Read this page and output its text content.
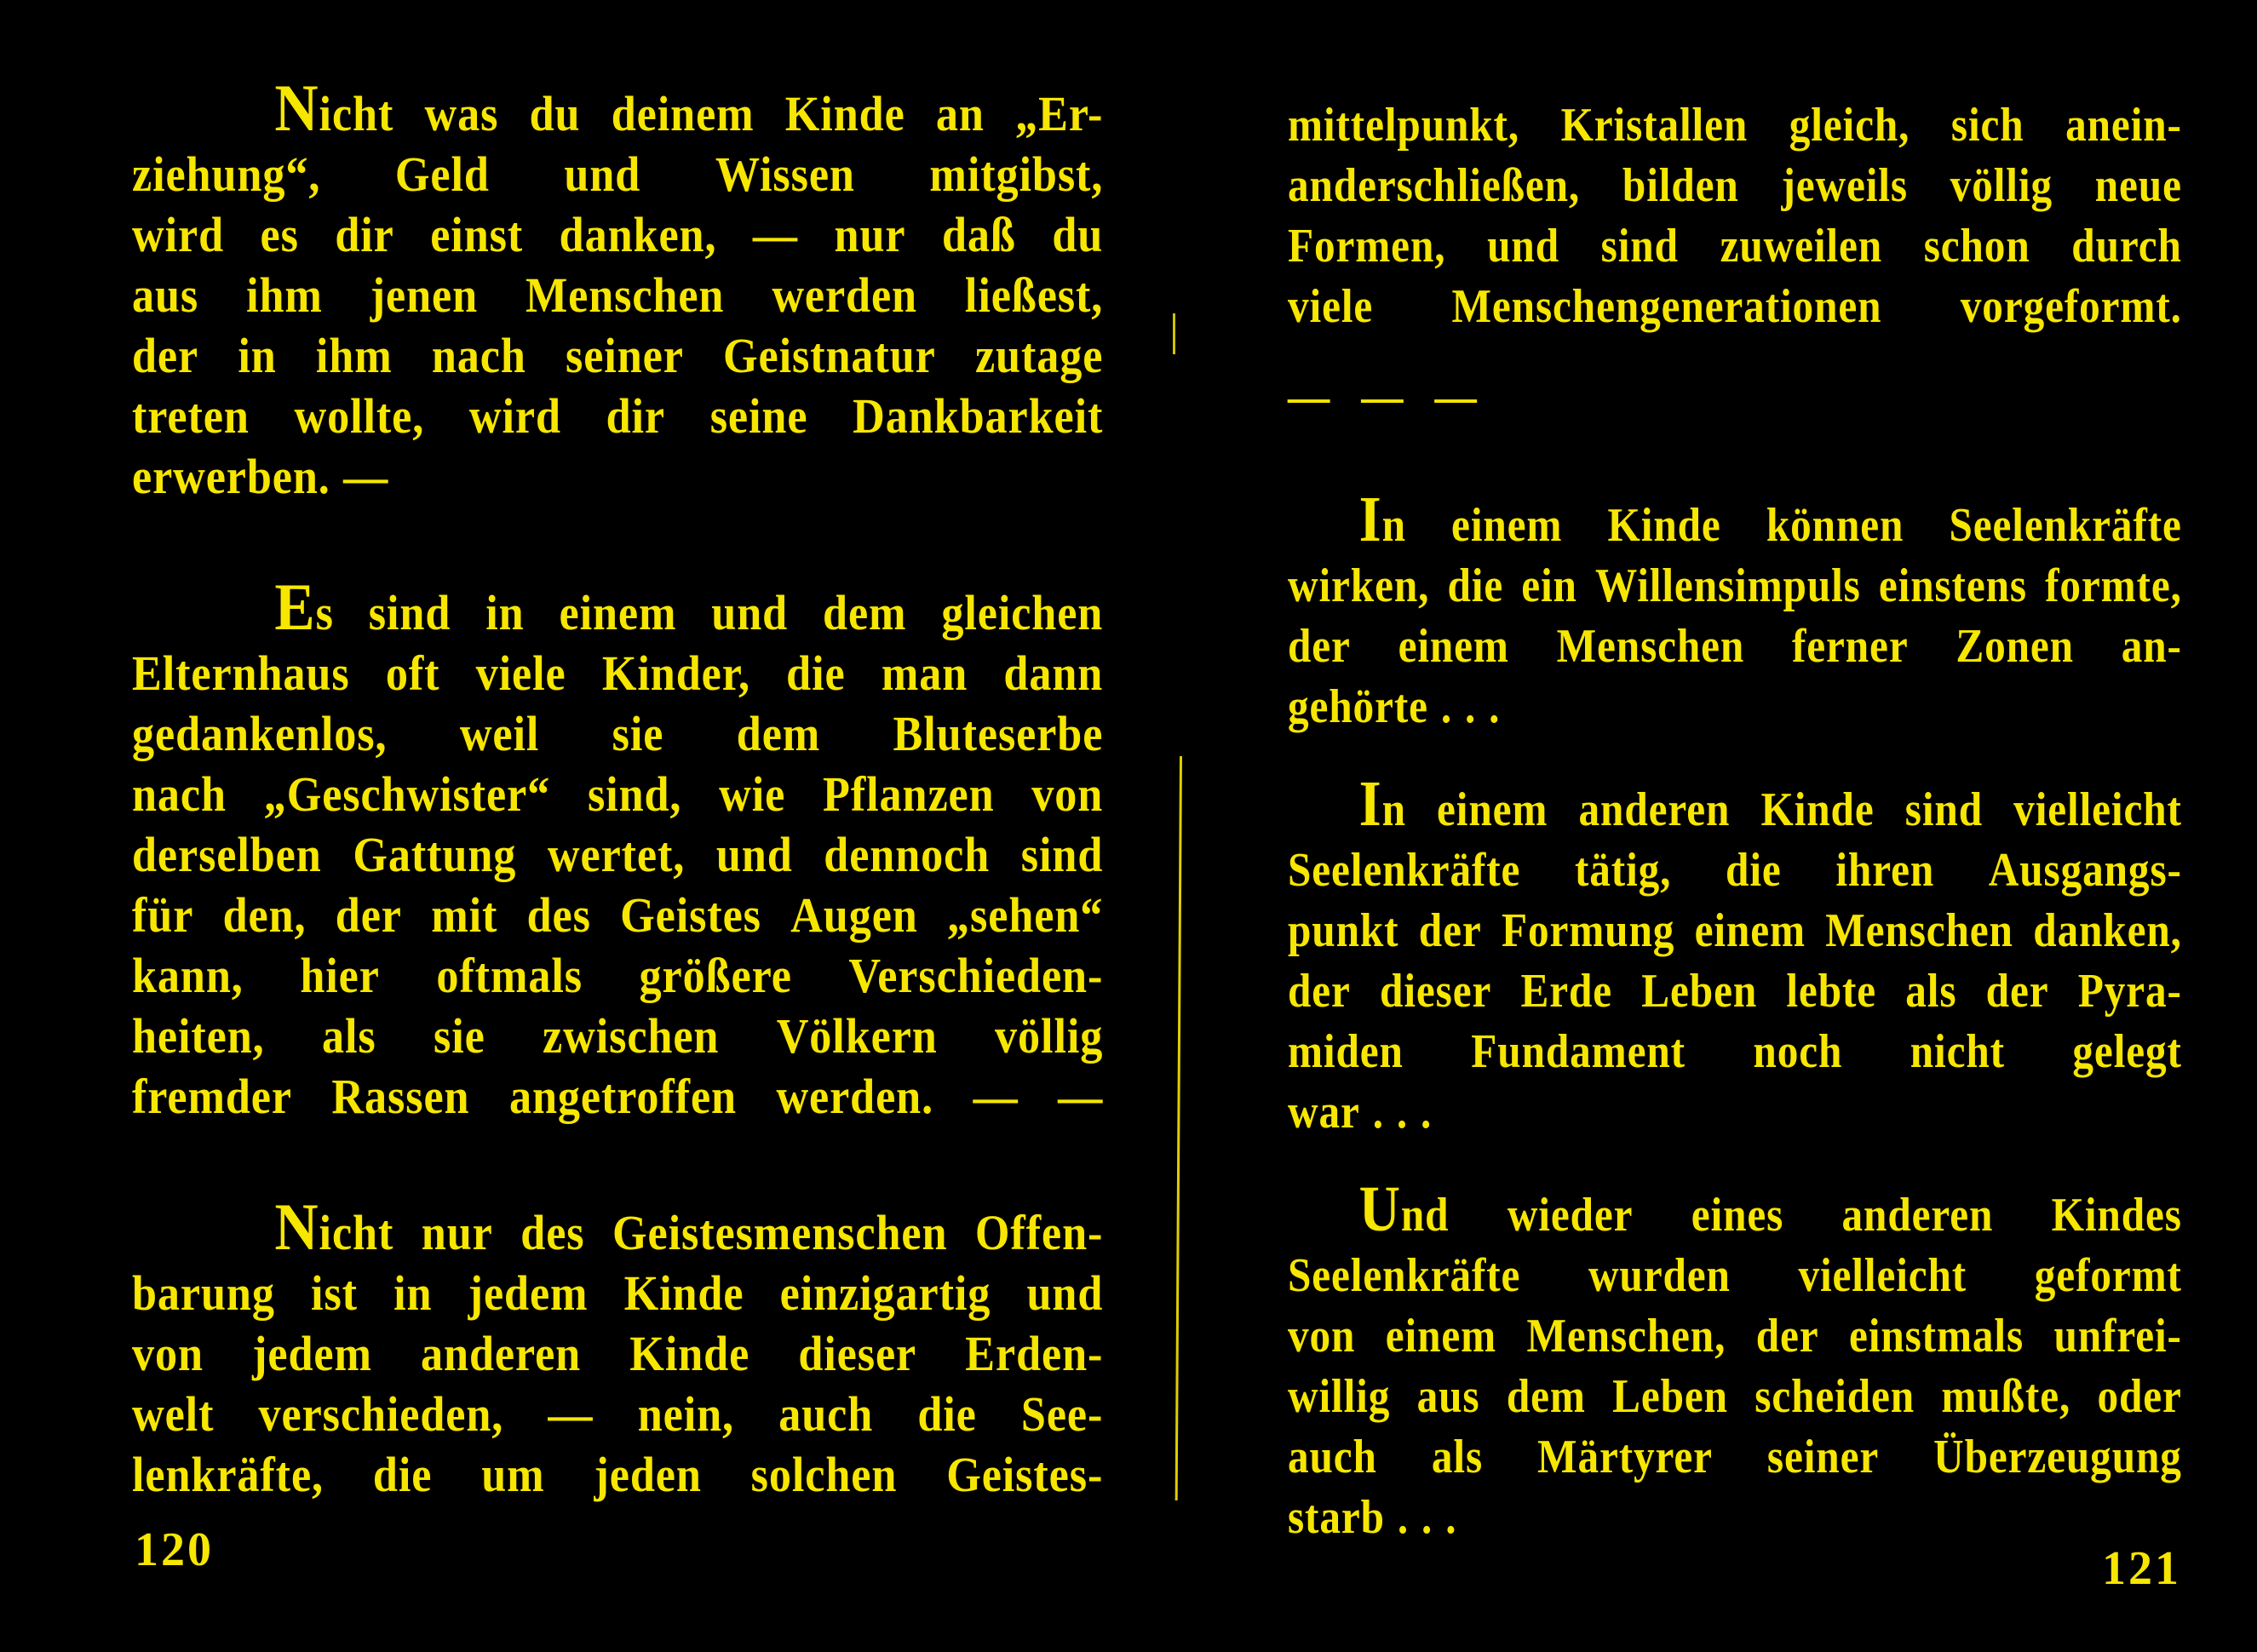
Nicht was du deinem Kinde an „Er-
ziehung“, Geld und Wissen mitgibst,
wird es dir einst danken, — nur daß du
aus ihm jenen Menschen werden ließest,
der in ihm nach seiner Geistnatur zutage
treten wollte, wird dir seine Dankbarkeit
erwerben. —
Es sind in einem und dem gleichen
Elternhaus oft viele Kinder, die man dann
gedankenlos, weil sie dem Bluteserbe
nach „Geschwister“ sind, wie Pflanzen von
derselben Gattung wertet, und dennoch sind
für den, der mit des Geistes Augen „sehen“
kann, hier oftmals größere Verschieden-
heiten, als sie zwischen Völkern völlig
fremder Rassen angetroffen werden. — —
Nicht nur des Geistesmenschen Offen-
barung ist in jedem Kinde einzigartig und
von jedem anderen Kinde dieser Erden-
welt verschieden, — nein, auch die See-
lenkräfte, die um jeden solchen Geistes-
mittelpunkt, Kristallen gleich, sich anein-
anderschließen, bilden jeweils völlig neue
Formen, und sind zuweilen schon durch
viele Menschengenerationen vorgeformt.
— — —
In einem Kinde können Seelenkräfte
wirken, die ein Willensimpuls einstens formte,
der einem Menschen ferner Zonen an-
gehörte . . .
In einem anderen Kinde sind vielleicht
Seelenkräfte tätig, die ihren Ausgangs-
punkt der Formung einem Menschen danken,
der dieser Erde Leben lebte als der Pyra-
miden Fundament noch nicht gelegt
war . . .
Und wieder eines anderen Kindes
Seelenkräfte wurden vielleicht geformt
von einem Menschen, der einstmals unfrei-
willig aus dem Leben scheiden mußte, oder
auch als Märtyrer seiner Überzeugung
starb . . .
120	121
